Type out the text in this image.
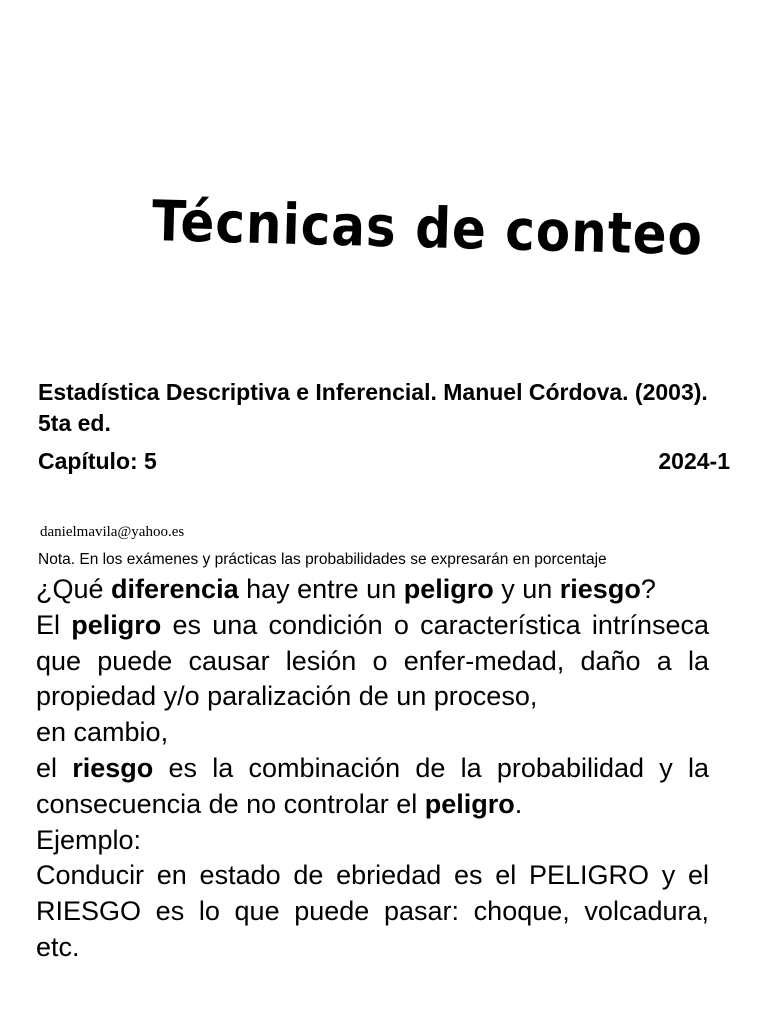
Técnicas de conteo

Estadística Descriptiva e Inferencial. Manuel Córdova. (2003). 5ta ed.

Capítulo: 5	2024-1
danielmavila@yahoo.es
Nota. En los exámenes y prácticas las probabilidades se expresarán en porcentaje

¿Qué diferencia hay entre un peligro y un riesgo?

El peligro es una condición o característica intrínseca que puede causar lesión o enfer-medad, daño a la propiedad y/o paralización de un proceso,

en cambio,

el riesgo es la combinación de la probabilidad y la consecuencia de no controlar el peligro.

Ejemplo:

Conducir en estado de ebriedad es el PELIGRO y el RIESGO es lo que puede pasar: choque, volcadura, etc.
